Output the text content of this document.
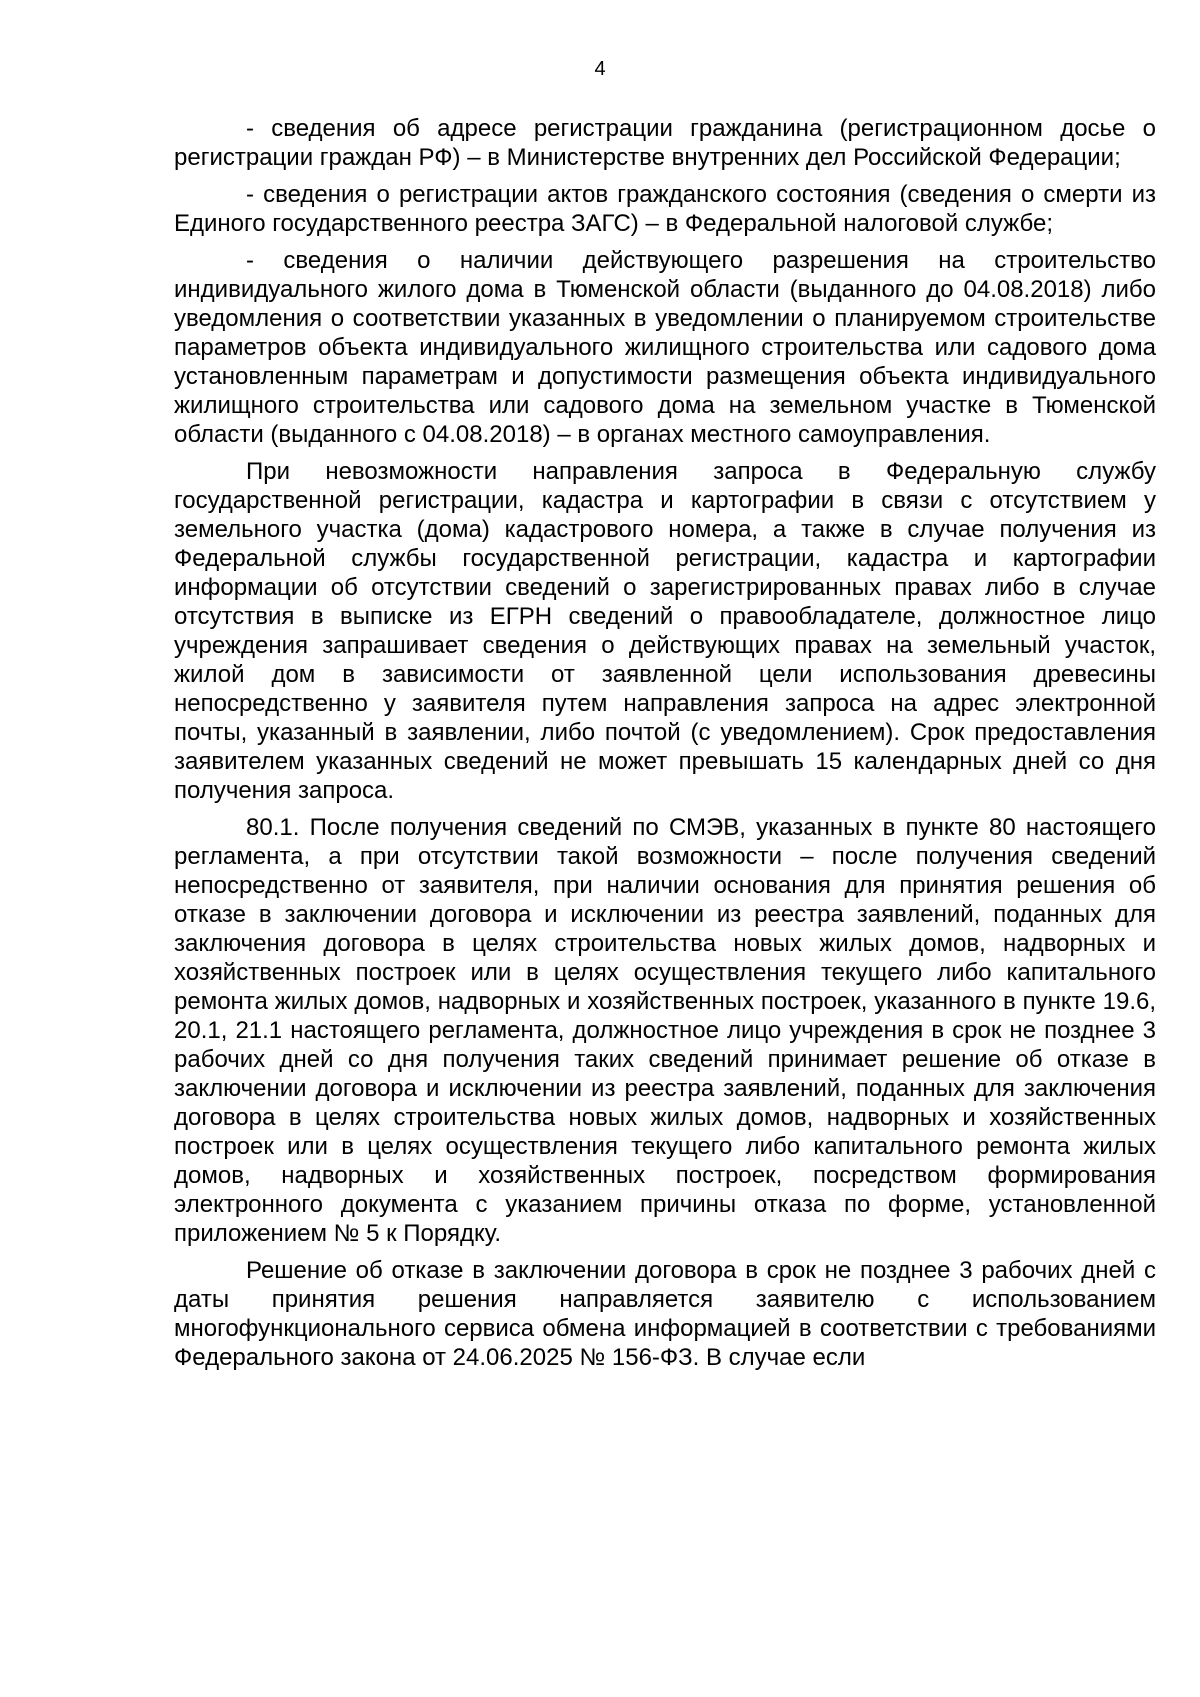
4

- сведения об адресе регистрации гражданина (регистрационном досье о регистрации граждан РФ) – в Министерстве внутренних дел Российской Федерации;

- сведения о регистрации актов гражданского состояния (сведения о смерти из Единого государственного реестра ЗАГС) – в Федеральной налоговой службе;

- сведения о наличии действующего разрешения на строительство индивидуального жилого дома в Тюменской области (выданного до 04.08.2018) либо уведомления о соответствии указанных в уведомлении о планируемом строительстве параметров объекта индивидуального жилищного строительства или садового дома установленным параметрам и допустимости размещения объекта индивидуального жилищного строительства или садового дома на земельном участке в Тюменской области (выданного с 04.08.2018) – в органах местного самоуправления.

При невозможности направления запроса в Федеральную службу государственной регистрации, кадастра и картографии в связи с отсутствием у земельного участка (дома) кадастрового номера, а также в случае получения из Федеральной службы государственной регистрации, кадастра и картографии информации об отсутствии сведений о зарегистрированных правах либо в случае отсутствия в выписке из ЕГРН сведений о правообладателе, должностное лицо учреждения запрашивает сведения о действующих правах на земельный участок, жилой дом в зависимости от заявленной цели использования древесины непосредственно у заявителя путем направления запроса на адрес электронной почты, указанный в заявлении, либо почтой (с уведомлением). Срок предоставления заявителем указанных сведений не может превышать 15 календарных дней со дня получения запроса.

80.1. После получения сведений по СМЭВ, указанных в пункте 80 настоящего регламента, а при отсутствии такой возможности – после получения сведений непосредственно от заявителя, при наличии основания для принятия решения об отказе в заключении договора и исключении из реестра заявлений, поданных для заключения договора в целях строительства новых жилых домов, надворных и хозяйственных построек или в целях осуществления текущего либо капитального ремонта жилых домов, надворных и хозяйственных построек, указанного в пункте 19.6, 20.1, 21.1 настоящего регламента, должностное лицо учреждения в срок не позднее 3 рабочих дней со дня получения таких сведений принимает решение об отказе в заключении договора и исключении из реестра заявлений, поданных для заключения договора в целях строительства новых жилых домов, надворных и хозяйственных построек или в целях осуществления текущего либо капитального ремонта жилых домов, надворных и хозяйственных построек, посредством формирования электронного документа с указанием причины отказа по форме, установленной приложением № 5 к Порядку.

Решение об отказе в заключении договора в срок не позднее 3 рабочих дней с даты принятия решения направляется заявителю с использованием многофункционального сервиса обмена информацией в соответствии с требованиями Федерального закона от 24.06.2025 № 156-ФЗ. В случае если
